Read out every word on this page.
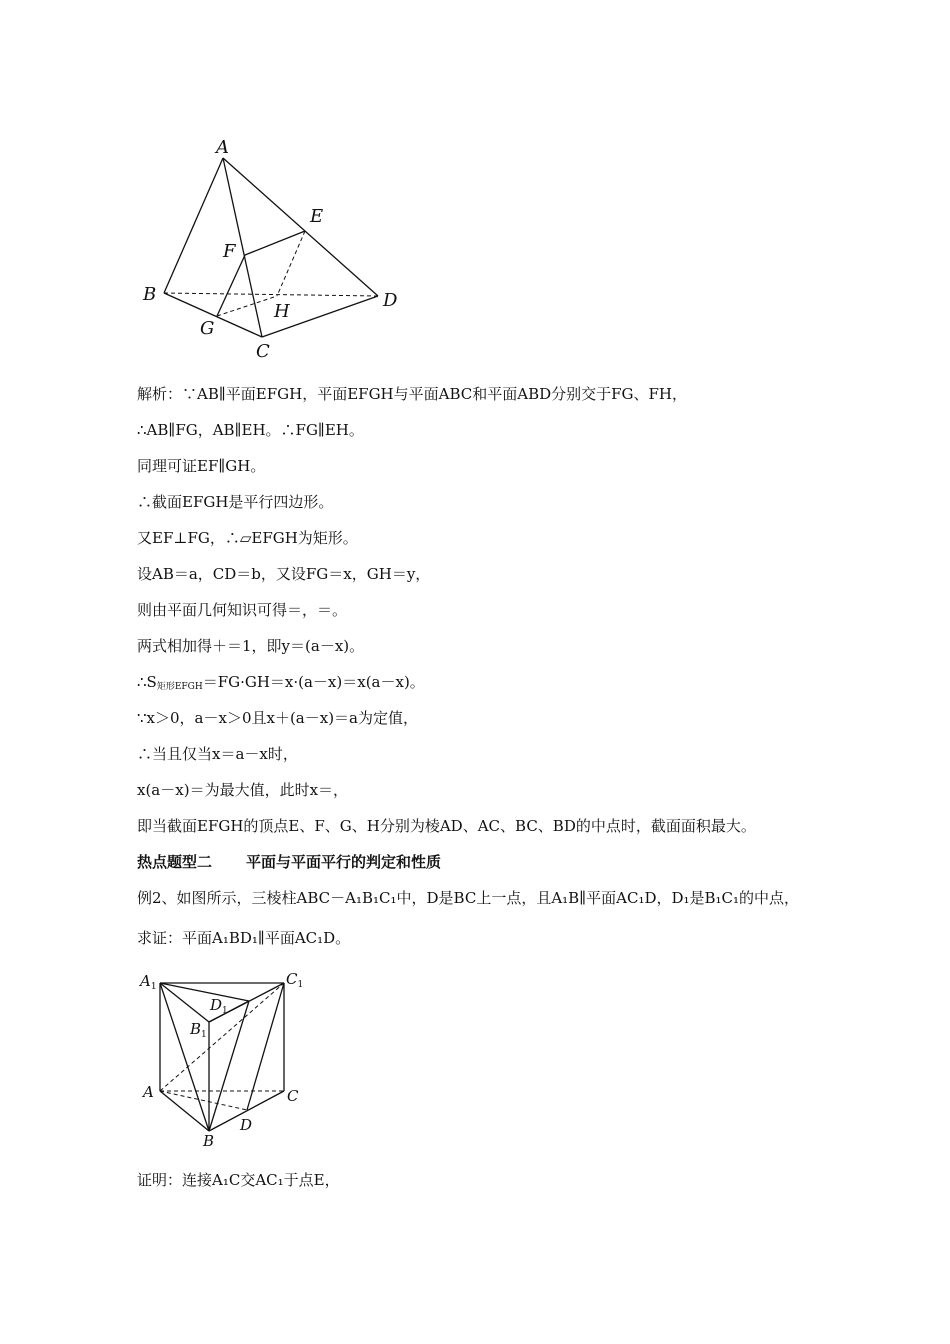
A
E
F
B	D
H
G
C
解析：∵AB∥平面EFGH，平面EFGH与平面ABC和平面ABD分别交于FG、FH，
∴AB∥FG，AB∥EH。∴FG∥EH。
同理可证EF∥GH。
∴截面EFGH是平行四边形。
又EF⊥FG，∴▱EFGH为矩形。
设AB＝a，CD＝b，又设FG＝x，GH＝y，
则由平面几何知识可得＝，＝。
两式相加得＋＝1，即y＝(a－x)。
$\therefore S_{矩形EFGH}=FG\cdot GH=x\cdot(a-x)=x(a-x)$。
∵x＞0，a－x＞0且x＋(a－x)＝a为定值，
∴当且仅当x＝a－x时，
x(a－x)＝为最大值，此时x＝，
即当截面EFGH的顶点E、F、G、H分别为棱AD、AC、BC、BD的中点时，截面面积最大。
热点题型二 平面与平面平行的判定和性质
例2、如图所示，三棱柱ABC－A₁B₁C₁中，D是BC上一点，且A₁B∥平面AC₁D，D₁是B₁C₁的中点，
求证：平面A₁BD₁∥平面AC₁D。
$A_1$	$C_1$
$D_1$
$B_1$
A	C
B
D
证明：连接A₁C交AC₁于点E，
